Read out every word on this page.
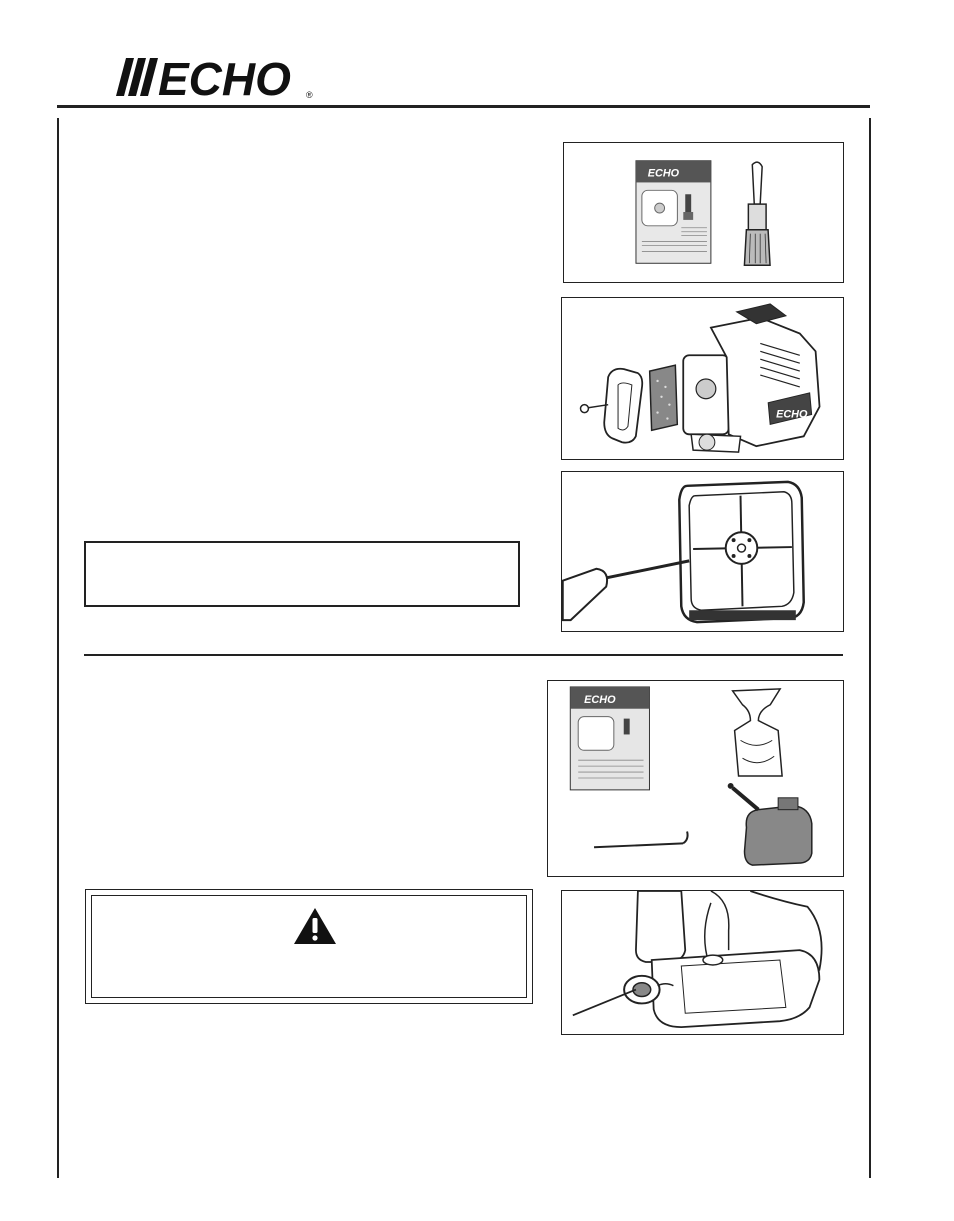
ECHO ®
ECHO
ECHO
ECHO
